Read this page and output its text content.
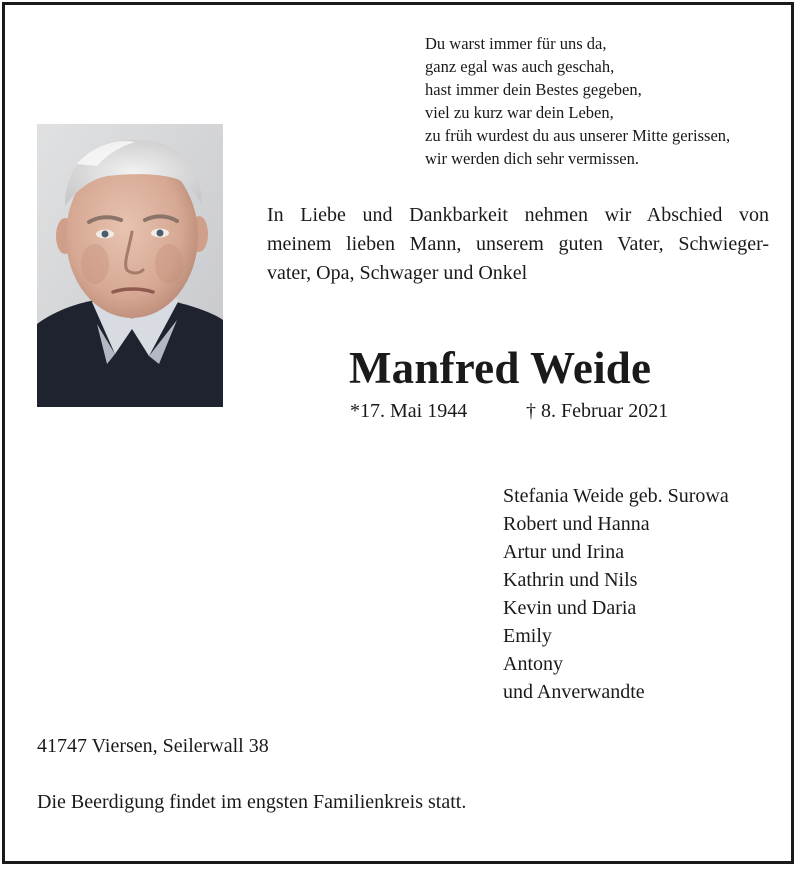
Du warst immer für uns da,
ganz egal was auch geschah,
hast immer dein Bestes gegeben,
viel zu kurz war dein Leben,
zu früh wurdest du aus unserer Mitte gerissen,
wir werden dich sehr vermissen.
In Liebe und Dankbarkeit nehmen wir Abschied von
meinem lieben Mann, unserem guten Vater, Schwieger-
vater, Opa, Schwager und Onkel
Manfred Weide
*17. Mai 1944	† 8. Februar 2021
Stefania Weide geb. Surowa
Robert und Hanna
Artur und Irina
Kathrin und Nils
Kevin und Daria
Emily
Antony
und Anverwandte
41747 Viersen, Seilerwall 38
Die Beerdigung findet im engsten Familienkreis statt.
